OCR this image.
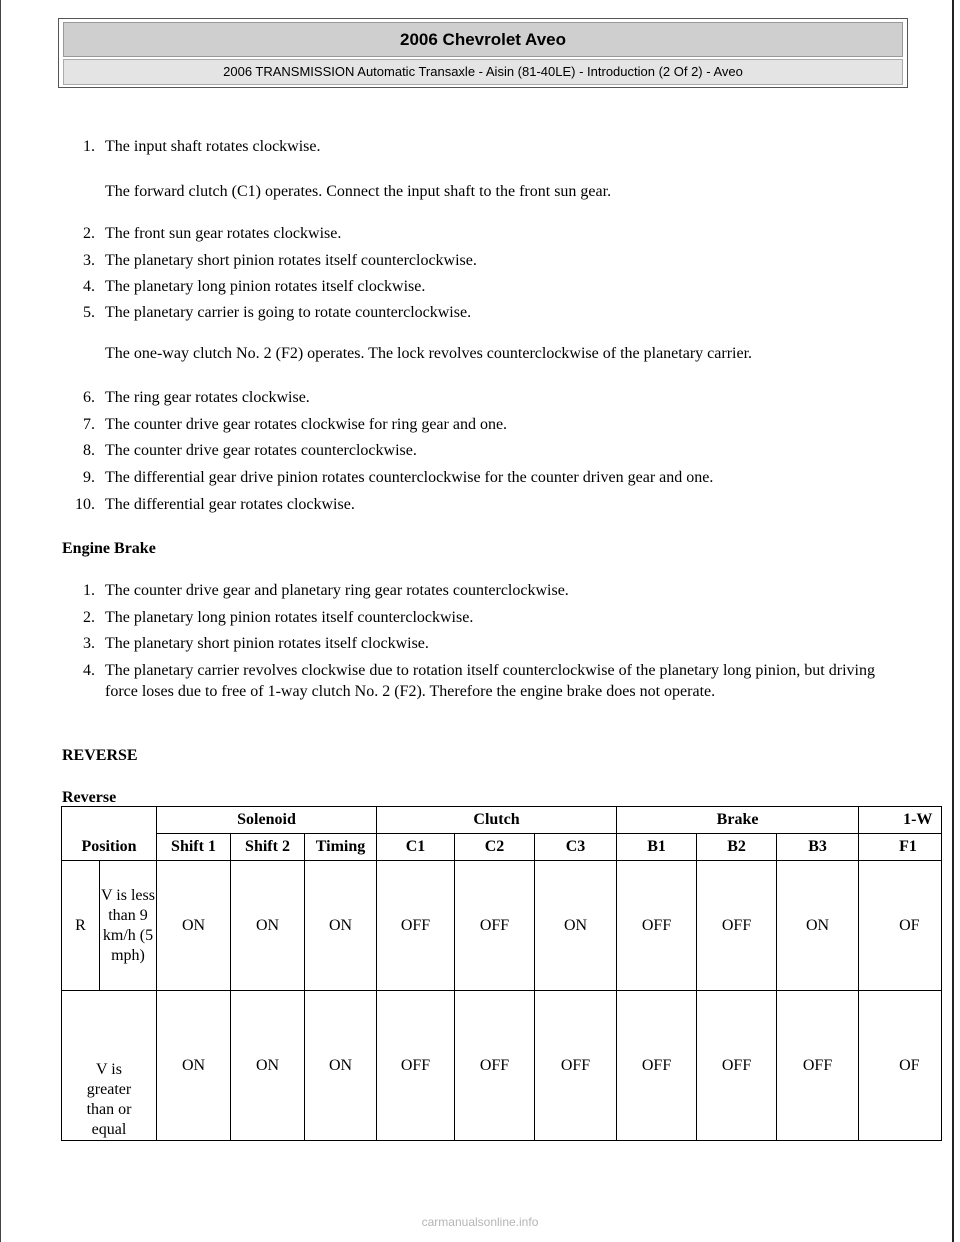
2006 Chevrolet Aveo
2006 TRANSMISSION Automatic Transaxle - Aisin (81-40LE) - Introduction (2 Of 2) - Aveo
1. The input shaft rotates clockwise.
The forward clutch (C1) operates. Connect the input shaft to the front sun gear.
2. The front sun gear rotates clockwise.
3. The planetary short pinion rotates itself counterclockwise.
4. The planetary long pinion rotates itself clockwise.
5. The planetary carrier is going to rotate counterclockwise.
The one-way clutch No. 2 (F2) operates. The lock revolves counterclockwise of the planetary carrier.
6. The ring gear rotates clockwise.
7. The counter drive gear rotates clockwise for ring gear and one.
8. The counter drive gear rotates counterclockwise.
9. The differential gear drive pinion rotates counterclockwise for the counter driven gear and one.
10. The differential gear rotates clockwise.
Engine Brake
1. The counter drive gear and planetary ring gear rotates counterclockwise.
2. The planetary long pinion rotates itself counterclockwise.
3. The planetary short pinion rotates itself clockwise.
4. The planetary carrier revolves clockwise due to rotation itself counterclockwise of the planetary long pinion, but driving force loses due to free of 1-way clutch No. 2 (F2). Therefore the engine brake does not operate.
REVERSE
Reverse
Position		Solenoid			Clutch			Brake			1-W
		Shift 1	Shift 2	Timing	C1	C2	C3	B1	B2	B3	F1
R	V is less than 9 km/h (5 mph)	ON	ON	ON	OFF	OFF	ON	OFF	OFF	ON	OF
V is greater than or equal		ON	ON	ON	OFF	OFF	OFF	OFF	OFF	OFF	OF
carmanualsonline.info
